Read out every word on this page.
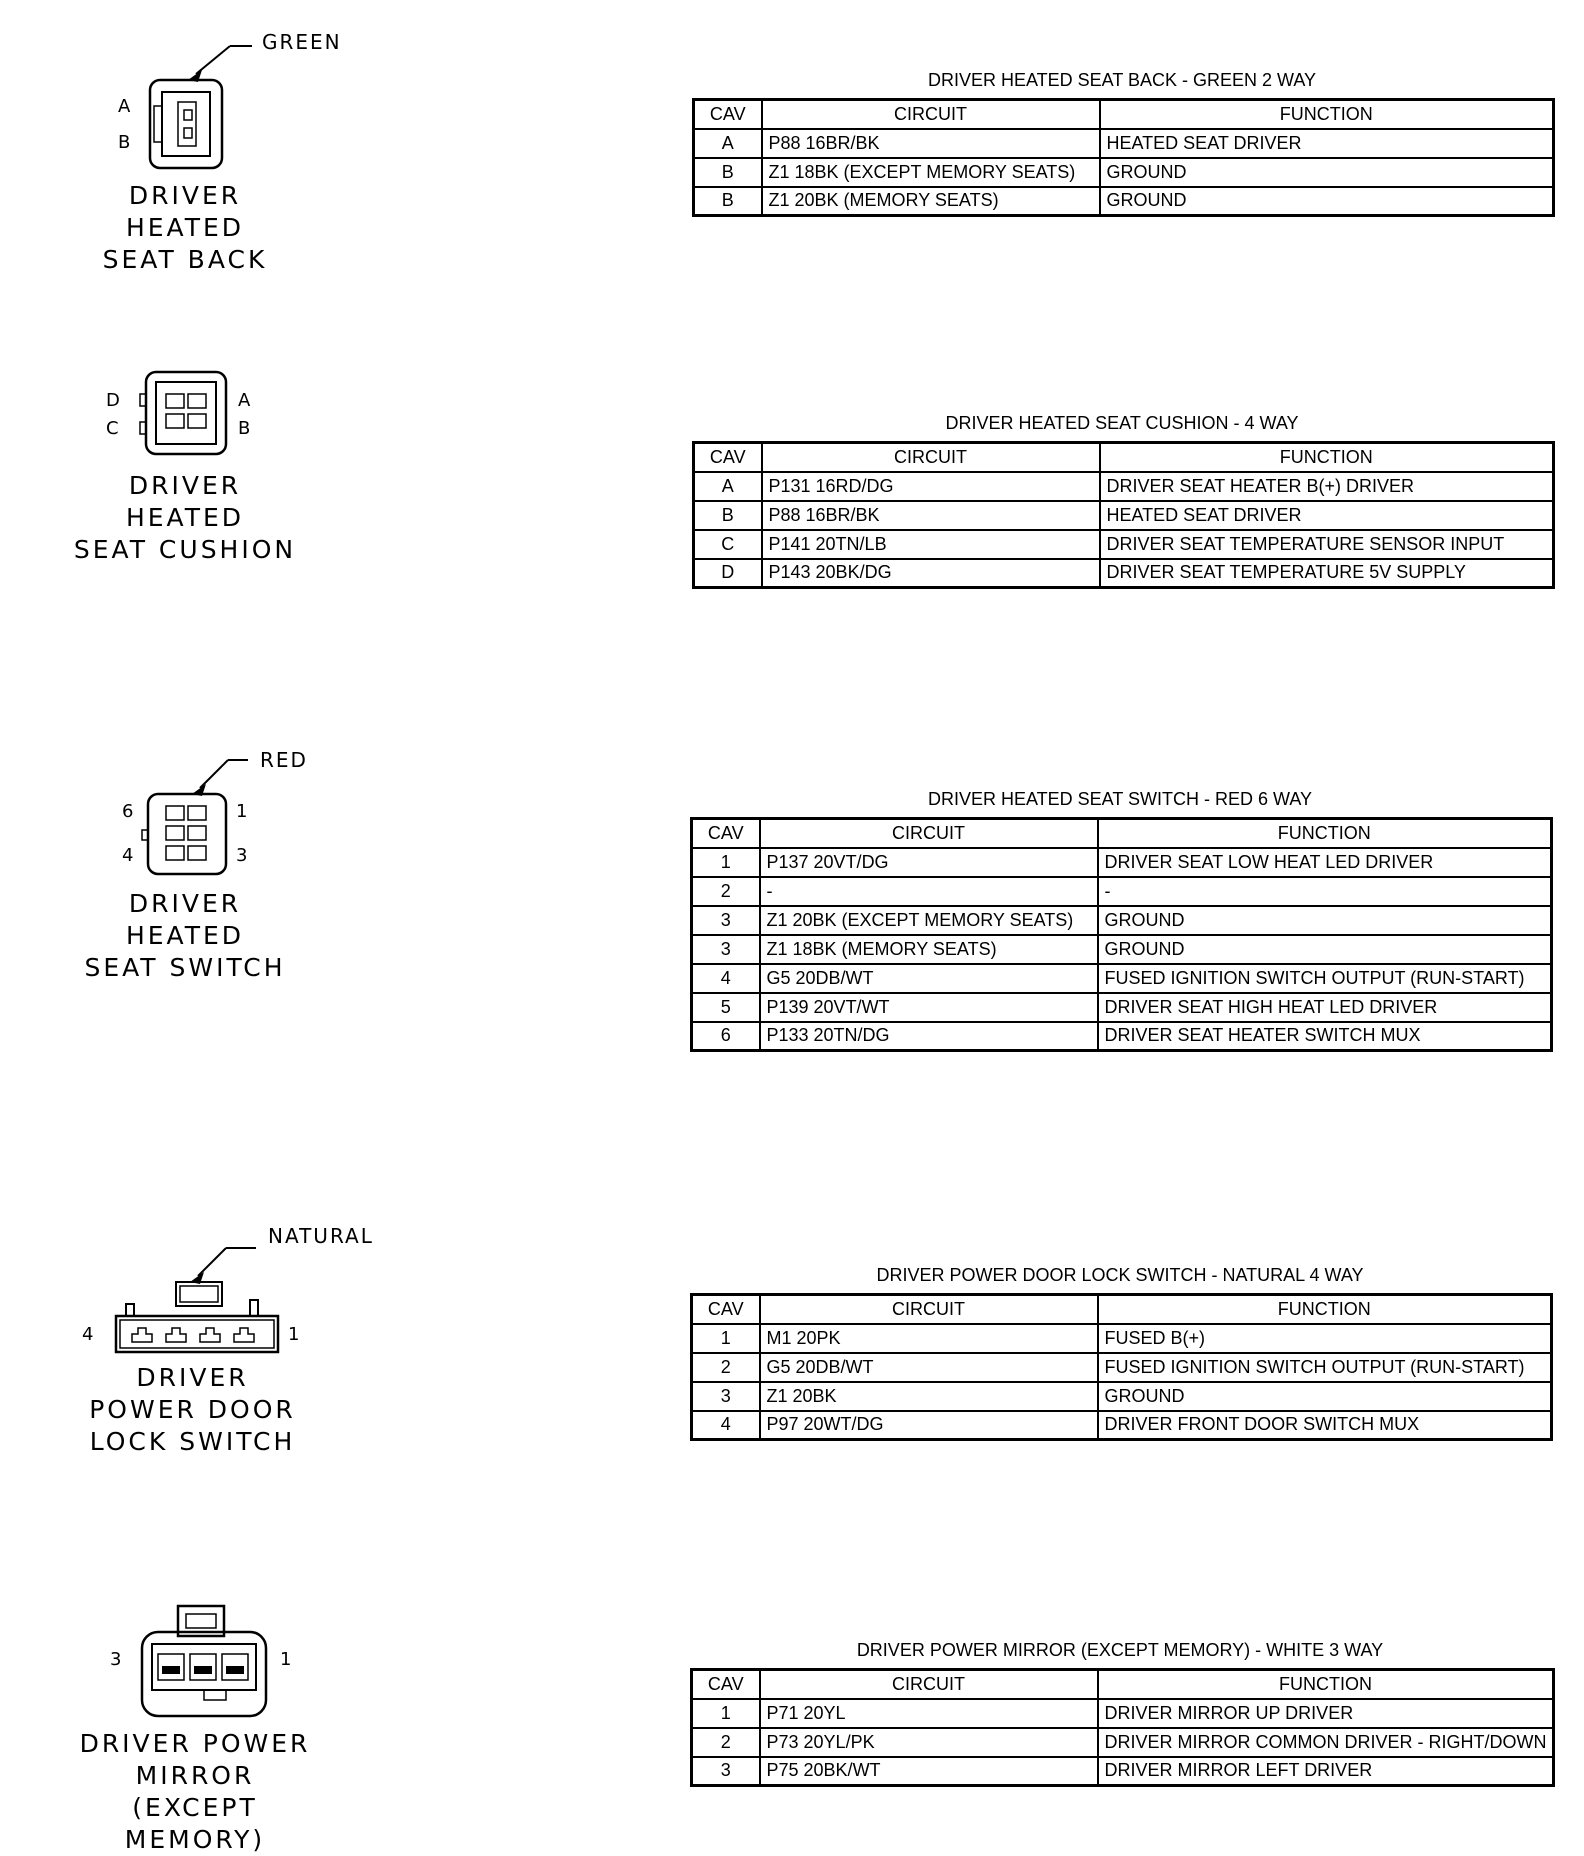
GREEN
A
B
DRIVER HEATED
SEAT BACK
DRIVER HEATED SEAT BACK - GREEN 2 WAY
CAV	CIRCUIT	FUNCTION
A	P88 16BR/BK	HEATED SEAT DRIVER
B	Z1 18BK (EXCEPT MEMORY SEATS)	GROUND
B	Z1 20BK (MEMORY SEATS)	GROUND
D
C
A
B
DRIVER HEATED
SEAT CUSHION
DRIVER HEATED SEAT CUSHION - 4 WAY
CAV	CIRCUIT	FUNCTION
A	P131 16RD/DG	DRIVER SEAT HEATER B(+) DRIVER
B	P88 16BR/BK	HEATED SEAT DRIVER
C	P141 20TN/LB	DRIVER SEAT TEMPERATURE SENSOR INPUT
D	P143 20BK/DG	DRIVER SEAT TEMPERATURE 5V SUPPLY
RED
6
4
1
3
DRIVER HEATED
SEAT SWITCH
DRIVER HEATED SEAT SWITCH - RED 6 WAY
CAV	CIRCUIT	FUNCTION
1	P137 20VT/DG	DRIVER SEAT LOW HEAT LED DRIVER
2	-	-
3	Z1 20BK (EXCEPT MEMORY SEATS)	GROUND
3	Z1 18BK (MEMORY SEATS)	GROUND
4	G5 20DB/WT	FUSED IGNITION SWITCH OUTPUT (RUN-START)
5	P139 20VT/WT	DRIVER SEAT HIGH HEAT LED DRIVER
6	P133 20TN/DG	DRIVER SEAT HEATER SWITCH MUX
NATURAL
4	1
DRIVER
POWER DOOR
LOCK SWITCH
DRIVER POWER DOOR LOCK SWITCH - NATURAL 4 WAY
CAV	CIRCUIT	FUNCTION
1	M1 20PK	FUSED B(+)
2	G5 20DB/WT	FUSED IGNITION SWITCH OUTPUT (RUN-START)
3	Z1 20BK	GROUND
4	P97 20WT/DG	DRIVER FRONT DOOR SWITCH MUX
3	1
DRIVER POWER
MIRROR
(EXCEPT MEMORY)
DRIVER POWER MIRROR (EXCEPT MEMORY) - WHITE 3 WAY
CAV	CIRCUIT	FUNCTION
1	P71 20YL	DRIVER MIRROR UP DRIVER
2	P73 20YL/PK	DRIVER MIRROR COMMON DRIVER - RIGHT/DOWN
3	P75 20BK/WT	DRIVER MIRROR LEFT DRIVER
